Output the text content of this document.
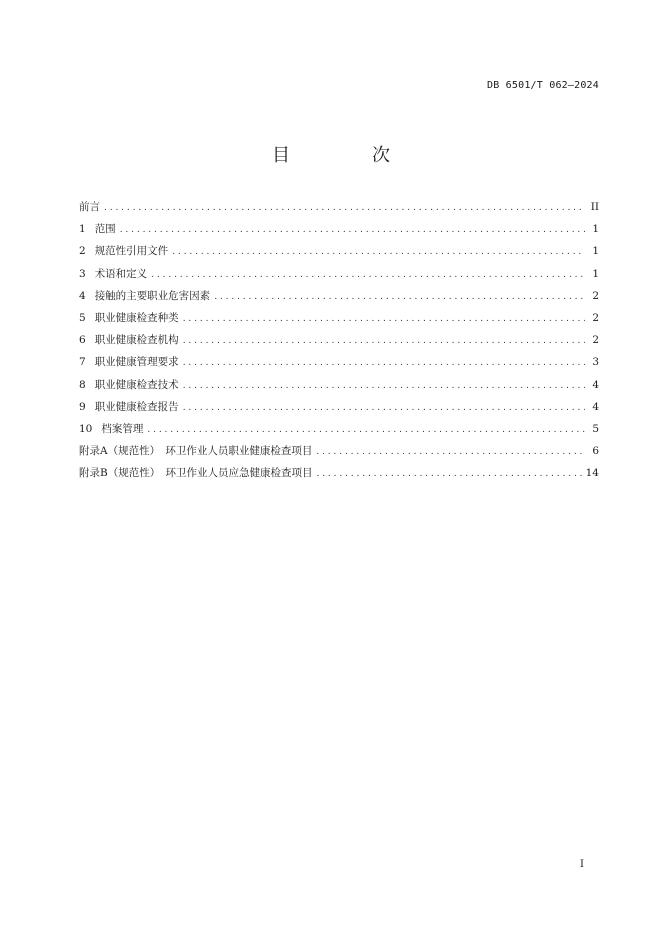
DB 6501/T 062—2024
目　次
前言 . . .	II
1 范围 . . .	1
2 规范性引用文件 . . .	1
3 术语和定义 . . .	1
4 接触的主要职业危害因素 . . .	2
5 职业健康检查种类 . . .	2
6 职业健康检查机构 . . .	2
7 职业健康管理要求 . . .	3
8 职业健康检查技术 . . .	4
9 职业健康检查报告 . . .	4
10 档案管理 . . .	5
附录A（规范性）　环卫作业人员职业健康检查项目 . . .	6
附录B（规范性）　环卫作业人员应急健康检查项目 . . .	14
I
